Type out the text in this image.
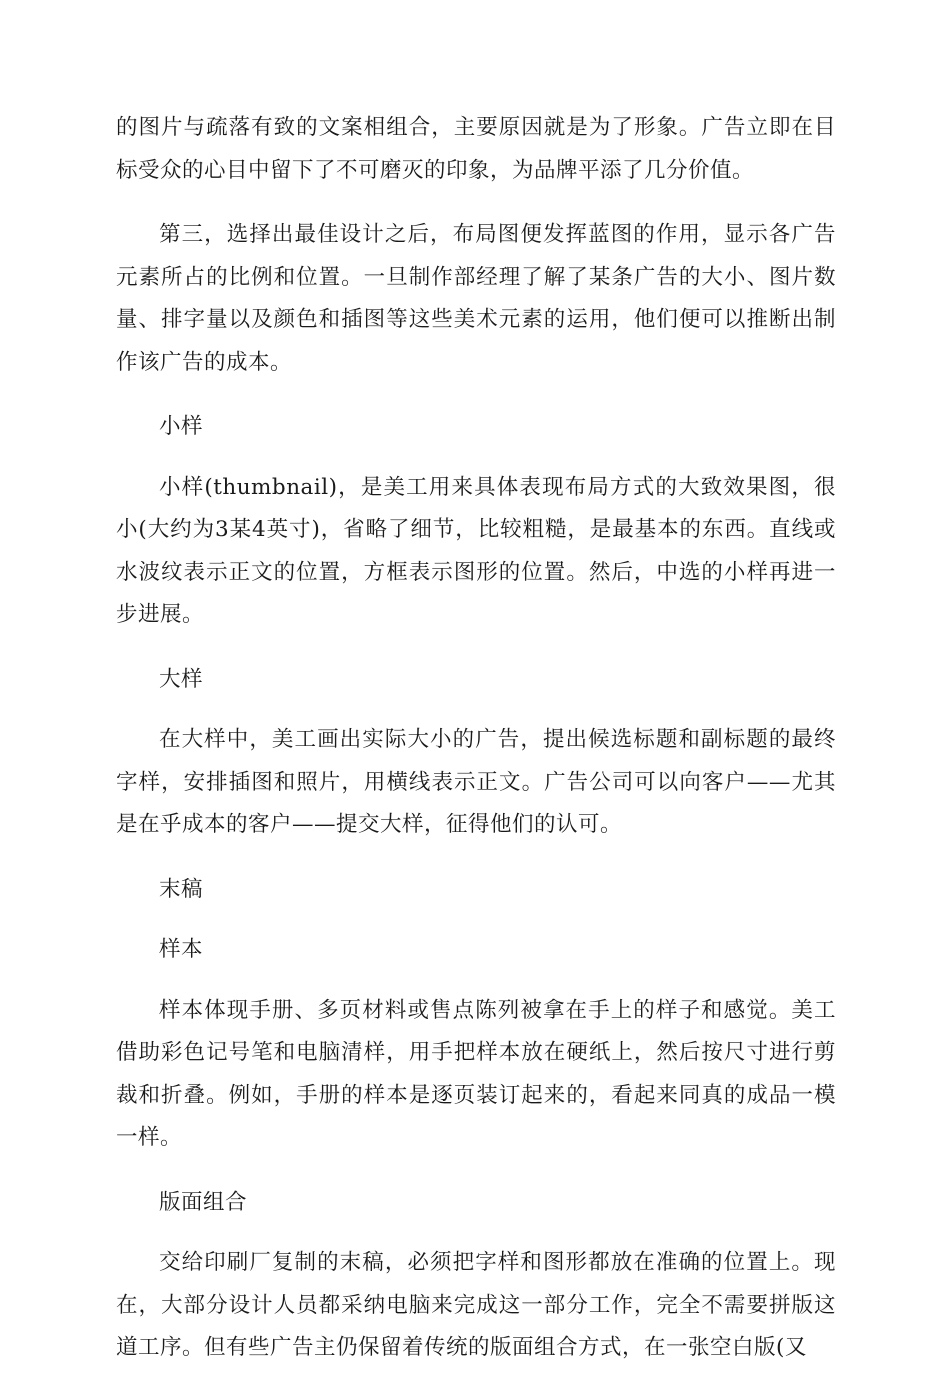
的图片与疏落有致的文案相组合，主要原因就是为了形象。广告立即在目标受众的心目中留下了不可磨灭的印象，为品牌平添了几分价值。

第三，选择出最佳设计之后，布局图便发挥蓝图的作用，显示各广告元素所占的比例和位置。一旦制作部经理了解了某条广告的大小、图片数量、排字量以及颜色和插图等这些美术元素的运用，他们便可以推断出制作该广告的成本。

小样

小样(thumbnail)，是美工用来具体表现布局方式的大致效果图，很小(大约为3某4英寸)，省略了细节，比较粗糙，是最基本的东西。直线或水波纹表示正文的位置，方框表示图形的位置。然后，中选的小样再进一步进展。

大样

在大样中，美工画出实际大小的广告，提出候选标题和副标题的最终字样，安排插图和照片，用横线表示正文。广告公司可以向客户——尤其是在乎成本的客户——提交大样，征得他们的认可。

末稿

样本

样本体现手册、多页材料或售点陈列被拿在手上的样子和感觉。美工借助彩色记号笔和电脑清样，用手把样本放在硬纸上，然后按尺寸进行剪裁和折叠。例如，手册的样本是逐页装订起来的，看起来同真的成品一模一样。

版面组合

交给印刷厂复制的末稿，必须把字样和图形都放在准确的位置上。现在，大部分设计人员都采纳电脑来完成这一部分工作，完全不需要拼版这道工序。但有些广告主仍保留着传统的版面组合方式，在一张空白版(又
